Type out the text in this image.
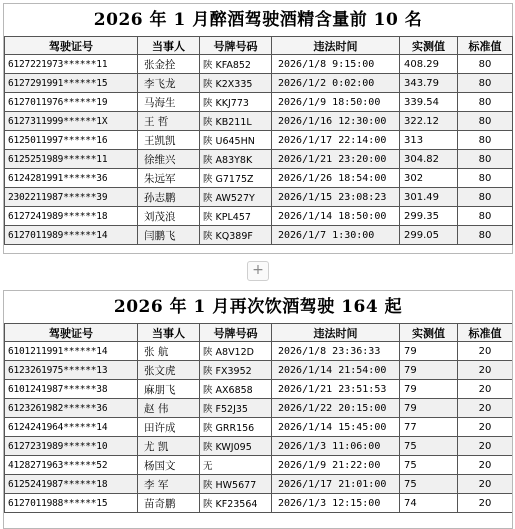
2026 年 1 月醉酒驾驶酒精含量前 10 名
驾驶证号	当事人	号牌号码	违法时间	实测值	标准值
6127221973******11	张金拴	陕 KFA852	2026/1/8 9:15:00	408.29	80
6127291991******15	李飞龙	陕 K2X335	2026/1/2 0:02:00	343.79	80
6127011976******19	马海生	陕 KKJ773	2026/1/9 18:50:00	339.54	80
6127311999******1X	王 哲	陕 KB211L	2026/1/16 12:30:00	322.12	80
6125011997******16	王凯凯	陕 U645HN	2026/1/17 22:14:00	313	80
6125251989******11	徐维兴	陕 A83Y8K	2026/1/21 23:20:00	304.82	80
6124281991******36	朱远军	陕 G7175Z	2026/1/26 18:54:00	302	80
2302211987******39	孙志鹏	陕 AW527Y	2026/1/15 23:08:23	301.49	80
6127241989******18	刘茂浪	陕 KPL457	2026/1/14 18:50:00	299.35	80
6127011989******14	闫鹏飞	陕 KQ389F	2026/1/7 1:30:00	299.05	80
+
2026 年 1 月再次饮酒驾驶 164 起
驾驶证号	当事人	号牌号码	违法时间	实测值	标准值
6101211991******14	张 航	陕 A8V12D	2026/1/8 23:36:33	79	20
6123261975******13	张文虎	陕 FX3952	2026/1/14 21:54:00	79	20
6101241987******38	麻朋飞	陕 AX6858	2026/1/21 23:51:53	79	20
6123261982******36	赵 伟	陕 F52J35	2026/1/22 20:15:00	79	20
6124241964******14	田许成	陕 GRR156	2026/1/14 15:45:00	77	20
6127231989******10	尤 凯	陕 KWJ095	2026/1/3 11:06:00	75	20
4128271963******52	杨国文	无	2026/1/9 21:22:00	75	20
6125241987******18	李 军	陕 HW5677	2026/1/17 21:01:00	75	20
6127011988******15	苗奇鹏	陕 KF23564	2026/1/3 12:15:00	74	20
